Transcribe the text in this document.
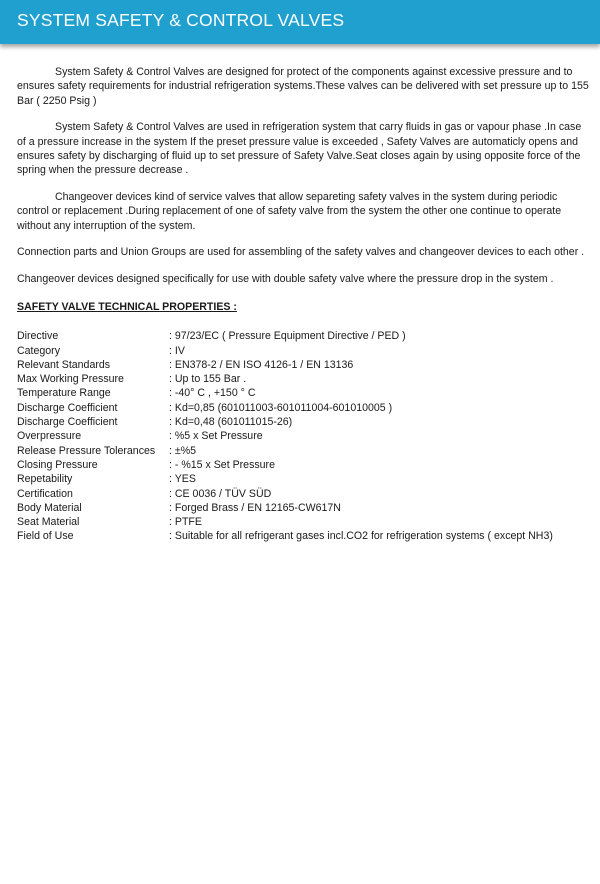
SYSTEM SAFETY & CONTROL VALVES

System Safety & Control Valves are designed for protect of the components against excessive pressure and to ensures safety requirements for industrial refrigeration systems.These valves can be delivered with set pressure up to 155 Bar ( 2250 Psig )

System Safety & Control Valves are used in refrigeration system that carry fluids in gas or vapour phase .In case of a pressure increase in the system If the preset pressure value is exceeded , Safety Valves are automaticly opens and ensures safety by discharging of fluid up to set pressure of Safety Valve.Seat closes again by using opposite force of the spring when the pressure decrease .

Changeover devices kind of service valves that allow separeting safety valves in the system during periodic control or replacement .During replacement of one of safety valve from the system the other one continue to operate without any interruption of the system.

Connection parts and Union Groups are used for assembling of the safety valves and changeover devices to each other .

Changeover devices designed specifically for use with double safety valve where the pressure drop in the system .

SAFETY VALVE TECHNICAL PROPERTIES :
Directive	: 97/23/EC ( Pressure Equipment Directive / PED )
Category	: IV
Relevant Standards	: EN378-2 / EN ISO 4126-1 / EN 13136
Max Working Pressure	: Up to 155 Bar .
Temperature Range	: -40° C , +150 ° C
Discharge Coefficient	: Kd=0,85 (601011003-601011004-601010005 )
Discharge Coefficient	: Kd=0,48 (601011015-26)
Overpressure	: %5 x Set Pressure
Release Pressure Tolerances	: ±%5
Closing Pressure	: - %15 x Set Pressure
Repetability	: YES
Certification	: CE 0036 / TÜV SÜD
Body Material	: Forged Brass / EN 12165-CW617N
Seat Material	: PTFE
Field of Use	: Suitable for all refrigerant gases incl.CO2 for refrigeration systems ( except NH3)
